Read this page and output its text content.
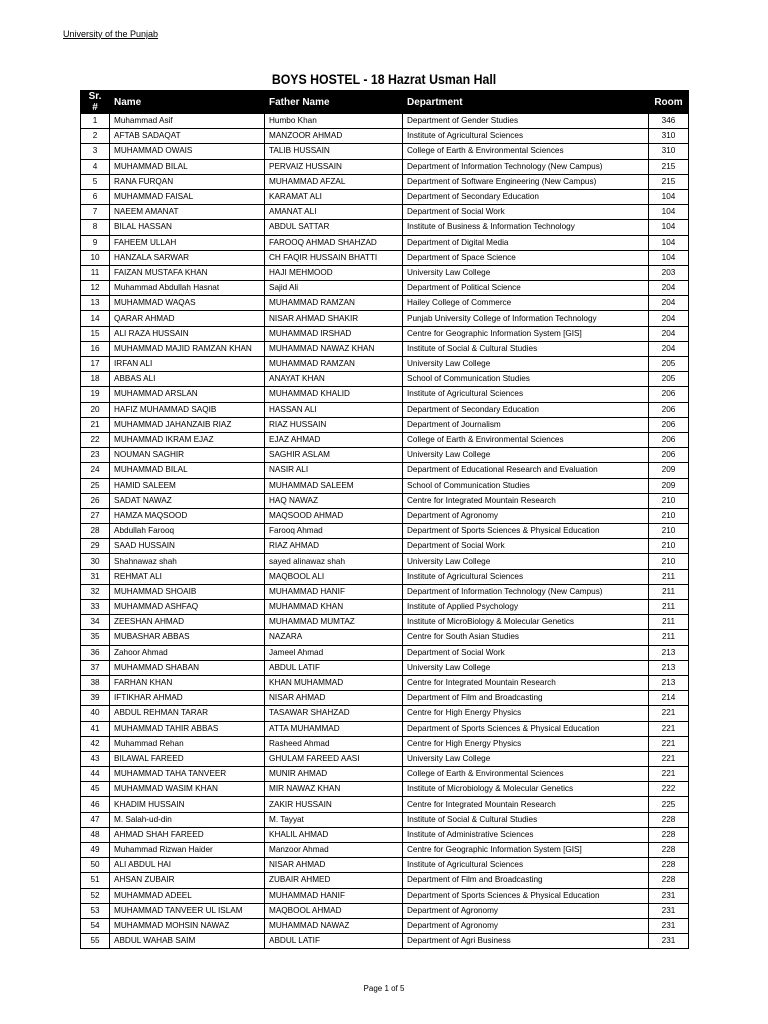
University of the Punjab
BOYS HOSTEL - 18 Hazrat Usman Hall
Sr. #	Name	Father Name	Department	Room
1	Muhammad Asif	Humbo Khan	Department of Gender Studies	346
2	AFTAB SADAQAT	MANZOOR AHMAD	Institute of Agricultural Sciences	310
3	MUHAMMAD OWAIS	TALIB HUSSAIN	College of Earth & Environmental Sciences	310
4	MUHAMMAD BILAL	PERVAIZ HUSSAIN	Department of Information Technology (New Campus)	215
5	RANA FURQAN	MUHAMMAD AFZAL	Department of Software Engineering (New Campus)	215
6	MUHAMMAD FAISAL	KARAMAT ALI	Department of Secondary Education	104
7	NAEEM AMANAT	AMANAT ALI	Department of Social Work	104
8	BILAL HASSAN	ABDUL SATTAR	Institute of Business & Information Technology	104
9	FAHEEM ULLAH	FAROOQ AHMAD SHAHZAD	Department of Digital Media	104
10	HANZALA SARWAR	CH FAQIR HUSSAIN BHATTI	Department of Space Science	104
11	FAIZAN MUSTAFA KHAN	HAJI MEHMOOD	University Law College	203
12	Muhammad Abdullah Hasnat	Sajid Ali	Department of Political Science	204
13	MUHAMMAD WAQAS	MUHAMMAD RAMZAN	Hailey College of Commerce	204
14	QARAR AHMAD	NISAR AHMAD SHAKIR	Punjab University College of Information Technology	204
15	ALI RAZA HUSSAIN	MUHAMMAD IRSHAD	Centre for Geographic Information System [GIS]	204
16	MUHAMMAD MAJID RAMZAN KHAN	MUHAMMAD NAWAZ KHAN	Institute of Social & Cultural Studies	204
17	IRFAN ALI	MUHAMMAD RAMZAN	University Law College	205
18	ABBAS ALI	ANAYAT KHAN	School of Communication Studies	205
19	MUHAMMAD ARSLAN	MUHAMMAD KHALID	Institute of Agricultural Sciences	206
20	HAFIZ MUHAMMAD SAQIB	HASSAN ALI	Department of Secondary Education	206
21	MUHAMMAD JAHANZAIB RIAZ	RIAZ HUSSAIN	Department of Journalism	206
22	MUHAMMAD IKRAM EJAZ	EJAZ AHMAD	College of Earth & Environmental Sciences	206
23	NOUMAN SAGHIR	SAGHIR ASLAM	University Law College	206
24	MUHAMMAD BILAL	NASIR ALI	Department of Educational Research and Evaluation	209
25	HAMID SALEEM	MUHAMMAD SALEEM	School of Communication Studies	209
26	SADAT NAWAZ	HAQ NAWAZ	Centre for Integrated Mountain Research	210
27	HAMZA MAQSOOD	MAQSOOD AHMAD	Department of Agronomy	210
28	Abdullah Farooq	Farooq Ahmad	Department of Sports Sciences & Physical Education	210
29	SAAD HUSSAIN	RIAZ AHMAD	Department of Social Work	210
30	Shahnawaz shah	sayed alinawaz shah	University Law College	210
31	REHMAT ALI	MAQBOOL ALI	Institute of Agricultural Sciences	211
32	MUHAMMAD SHOAIB	MUHAMMAD HANIF	Department of Information Technology (New Campus)	211
33	MUHAMMAD ASHFAQ	MUHAMMAD KHAN	Institute of Applied Psychology	211
34	ZEESHAN AHMAD	MUHAMMAD MUMTAZ	Institute of MicroBiology & Molecular Genetics	211
35	MUBASHAR ABBAS	NAZARA	Centre for South Asian Studies	211
36	Zahoor Ahmad	Jameel Ahmad	Department of Social Work	213
37	MUHAMMAD SHABAN	ABDUL LATIF	University Law College	213
38	FARHAN KHAN	KHAN MUHAMMAD	Centre for Integrated Mountain Research	213
39	IFTIKHAR AHMAD	NISAR AHMAD	Department of Film and Broadcasting	214
40	ABDUL REHMAN TARAR	TASAWAR SHAHZAD	Centre for High Energy Physics	221
41	MUHAMMAD TAHIR ABBAS	ATTA MUHAMMAD	Department of Sports Sciences & Physical Education	221
42	Muhammad Rehan	Rasheed Ahmad	Centre for High Energy Physics	221
43	BILAWAL FAREED	GHULAM FAREED AASI	University Law College	221
44	MUHAMMAD TAHA TANVEER	MUNIR AHMAD	College of Earth & Environmental Sciences	221
45	MUHAMMAD WASIM KHAN	MIR NAWAZ KHAN	Institute of Microbiology & Molecular Genetics	222
46	KHADIM HUSSAIN	ZAKIR HUSSAIN	Centre for Integrated Mountain Research	225
47	M. Salah-ud-din	M. Tayyat	Institute of Social & Cultural Studies	228
48	AHMAD SHAH FAREED	KHALIL AHMAD	Institute of Administrative Sciences	228
49	Muhammad Rizwan Haider	Manzoor Ahmad	Centre for Geographic Information System [GIS]	228
50	ALI ABDUL HAI	NISAR AHMAD	Institute of Agricultural Sciences	228
51	AHSAN ZUBAIR	ZUBAIR AHMED	Department of Film and Broadcasting	228
52	MUHAMMAD ADEEL	MUHAMMAD HANIF	Department of Sports Sciences & Physical Education	231
53	MUHAMMAD TANVEER UL ISLAM	MAQBOOL AHMAD	Department of Agronomy	231
54	MUHAMMAD MOHSIN NAWAZ	MUHAMMAD NAWAZ	Department of Agronomy	231
55	ABDUL WAHAB SAIM	ABDUL LATIF	Department of Agri Business	231
Page 1 of 5
